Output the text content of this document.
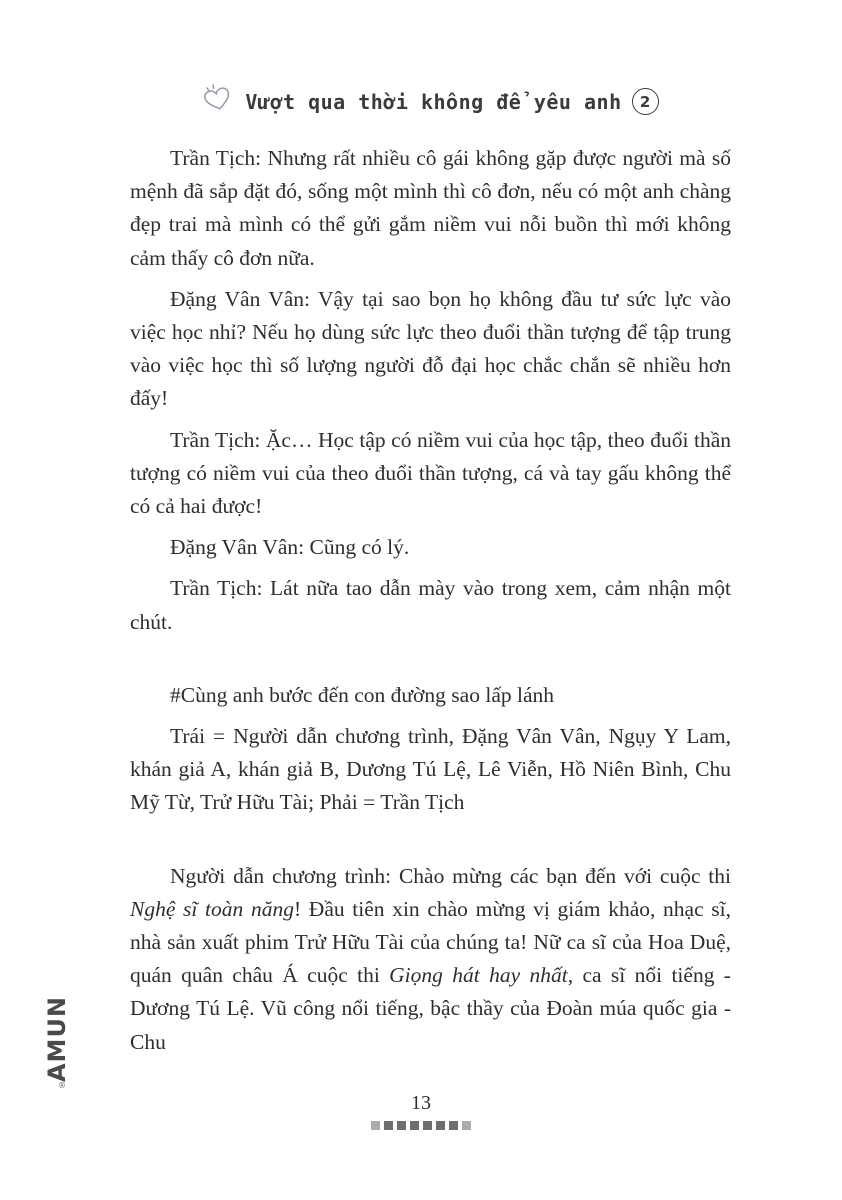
Vượt qua thời không để yêu anh	2

Trần Tịch: Nhưng rất nhiều cô gái không gặp được người mà số mệnh đã sắp đặt đó, sống một mình thì cô đơn, nếu có một anh chàng đẹp trai mà mình có thể gửi gắm niềm vui nỗi buồn thì mới không cảm thấy cô đơn nữa.

Đặng Vân Vân: Vậy tại sao bọn họ không đầu tư sức lực vào việc học nhỉ? Nếu họ dùng sức lực theo đuổi thần tượng để tập trung vào việc học thì số lượng người đỗ đại học chắc chắn sẽ nhiều hơn đấy!

Trần Tịch: Ặc… Học tập có niềm vui của học tập, theo đuổi thần tượng có niềm vui của theo đuổi thần tượng, cá và tay gấu không thể có cả hai được!

Đặng Vân Vân: Cũng có lý.

Trần Tịch: Lát nữa tao dẫn mày vào trong xem, cảm nhận một chút.

#Cùng anh bước đến con đường sao lấp lánh

Trái = Người dẫn chương trình, Đặng Vân Vân, Ngụy Y Lam, khán giả A, khán giả B, Dương Tú Lệ, Lê Viễn, Hồ Niên Bình, Chu Mỹ Từ, Trử Hữu Tài; Phải = Trần Tịch

Người dẫn chương trình: Chào mừng các bạn đến với cuộc thi Nghệ sĩ toàn năng! Đầu tiên xin chào mừng vị giám khảo, nhạc sĩ, nhà sản xuất phim Trử Hữu Tài của chúng ta! Nữ ca sĩ của Hoa Duệ, quán quân châu Á cuộc thi Giọng hát hay nhất, ca sĩ nổi tiếng - Dương Tú Lệ. Vũ công nổi tiếng, bậc thầy của Đoàn múa quốc gia - Chu

AMUN
®
13
